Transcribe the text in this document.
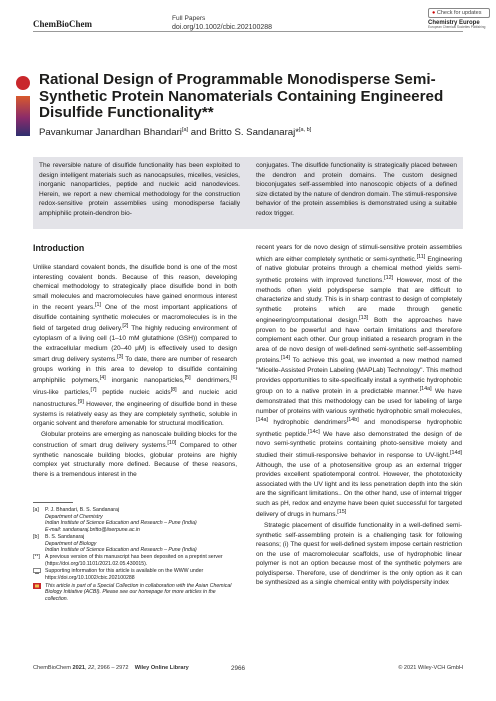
ChemBioChem
Full Papers
doi.org/10.1002/cbic.202100288
● Check for updates
Chemistry Europe
European Chemical Societies Publishing
Rational Design of Programmable Monodisperse Semi-Synthetic Protein Nanomaterials Containing Engineered Disulfide Functionality**
Pavankumar Janardhan Bhandari[a] and Britto S. Sandanaraj*[a, b]
The reversible nature of disulfide functionality has been exploited to design intelligent materials such as nanocapsules, micelles, vesicles, inorganic nanoparticles, peptide and nucleic acid nanodevices. Herein, we report a new chemical methodology for the construction redox-sensitive protein assemblies using monodisperse facially amphiphilic protein-dendron bio-
conjugates. The disulfide functionality is strategically placed between the dendron and protein domains. The custom designed bioconjugates self-assembled into nanoscopic objects of a defined size dictated by the nature of dendron domain. The stimuli-responsive behavior of the protein assemblies is demonstrated using a suitable redox trigger.
Introduction

Unlike standard covalent bonds, the disulfide bond is one of the most interesting covalent bonds. Because of this reason, developing chemical methodology to strategically place disulfide bond in both small molecules and macromolecules have gained enormous interest in the recent years.[1] One of the most important applications of disulfide containing synthetic molecules or macromolecules is in the field of targeted drug delivery.[2] The highly reducing environment of cytoplasm of a living cell (1–10 mM glutathione (GSH)) compared to the extracellular medium (20–40 μM) is effectively used to design smart drug delivery systems.[3] To date, there are number of research groups working in this area to develop to disulfide containing amphiphilic polymers,[4] inorganic nanoparticles,[5] dendrimers,[6] virus-like particles,[7] peptide nucleic acids[8] and nucleic acid nanostructures.[9] However, the engineering of disulfide bond in these systems is relatively easy as they are completely synthetic, soluble in organic solvent and therefore amenable for structural modification.

Globular proteins are emerging as nanoscale building blocks for the construction of smart drug delivery systems.[10] Compared to other synthetic nanoscale building blocks, globular proteins are highly complex yet structurally more defined. Because of these reasons, there is a tremendous interest in the

recent years for de novo design of stimuli-sensitive protein assemblies which are either completely synthetic or semi-synthetic.[11] Engineering of native globular proteins through a chemical method yields semi-synthetic proteins with improved functions.[12] However, most of the methods often yield polydisperse sample that are difficult to characterize and study. This is in sharp contrast to design of completely synthetic proteins which are made through genetic engineering/computational design.[13] Both the approaches have proven to be powerful and have certain limitations and therefore complement each other. Our group initiated a research program in the area of de novo design of well-defined semi-synthetic self-assembling proteins.[14] To achieve this goal, we invented a new method named "Micelle-Assisted Protein Labeling (MAPLab) Technology". This method provides opportunities to site-specifically install a synthetic hydrophobic group on to a native protein in a predictable manner.[14a] We have demonstrated that this methodology can be used for labeling of large number of proteins with various synthetic hydrophobic small molecules,[14a] hydrophobic dendrimers[14b] and monodisperse hydrophobic synthetic peptide.[14c] We have also demonstrated the design of de novo semi-synthetic proteins containing photo-sensitive moiety and studied their stimuli-responsive behavior in response to UV-light.[14d] Although, the use of a photosensitive group as an external trigger provides excellent spatiotemporal control. However, the phototoxicity associated with the UV light and its less penetration depth into the skin are the significant limitations.. On the other hand, use of internal trigger such as pH, redox and enzyme have been quiet successful for targeted delivery of drugs in humans.[15]

Strategic placement of disulfide functionality in a well-defined semi-synthetic self-assembling protein is a challenging task for following reasons; (i) The quest for well-defined system impose certain restriction on the use of macromolecular scaffolds, use of hydrophobic linear polymer is not an option because most of the synthetic polymers are polydisperse. Therefore, use of dendrimer is the only option as it can be synthesized as a single chemical entity with polydispersity index

[a]	P. J. Bhandari, B. S. Sandanaraj
Department of Chemistry
Indian Institute of Science Education and Research – Pune (India)
E-mail: sandanaraj.britto@iiserpune.ac.in
[b]	B. S. Sandanaraj
Department of Biology
Indian Institute of Science Education and Research – Pune (India)
[**] A previous version of this manuscript has been deposited on a preprint server (https://doi.org/10.1101/2021.02.05.430015).
Supporting information for this article is available on the WWW under https://doi.org/10.1002/cbic.202100288
This article is part of a Special Collection in collaboration with the Asian Chemical Biology Initiative (ACBI). Please see our homepage for more articles in the collection.
ChemBioChem 2021, 22, 2966 – 2972 Wiley Online Library	2966	© 2021 Wiley-VCH GmbH
